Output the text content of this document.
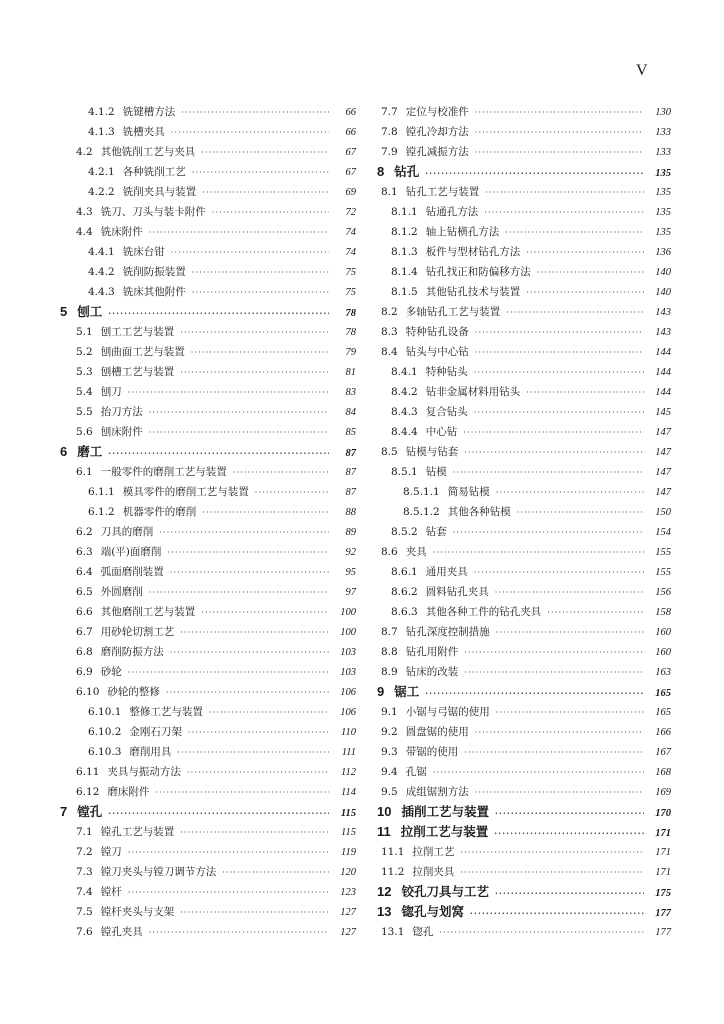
V
4.1.2 铣键槽方法 ·····	66
4.1.3 铣槽夹具 ·····	66
4.2 其他铣削工艺与夹具 ·····	67
4.2.1 各种铣削工艺 ·····	67
4.2.2 铣削夹具与装置 ·····	69
4.3 铣刀、刀头与装卡附件 ·····	72
4.4 铣床附件 ·····	74
4.4.1 铣床台钳 ·····	74
4.4.2 铣削防振装置 ·····	75
4.4.3 铣床其他附件 ·····	75
5 刨工 ·····	78
5.1 刨工工艺与装置 ·····	78
5.2 刨曲面工艺与装置 ·····	79
5.3 刨槽工艺与装置 ·····	81
5.4 刨刀 ·····	83
5.5 抬刀方法 ·····	84
5.6 刨床附件 ·····	85
6 磨工 ·····	87
6.1 一般零件的磨削工艺与装置 ·····	87
6.1.1 模具零件的磨削工艺与装置 ·····	87
6.1.2 机器零件的磨削 ·····	88
6.2 刀具的磨削 ·····	89
6.3 端(平)面磨削 ·····	92
6.4 弧面磨削装置 ·····	95
6.5 外圆磨削 ·····	97
6.6 其他磨削工艺与装置 ·····	100
6.7 用砂轮切割工艺 ·····	100
6.8 磨削防振方法 ·····	103
6.9 砂轮 ·····	103
6.10 砂轮的整修 ·····	106
6.10.1 整修工艺与装置 ·····	106
6.10.2 金刚石刀架 ·····	110
6.10.3 磨削用具 ·····	111
6.11 夹具与振动方法 ·····	112
6.12 磨床附件 ·····	114
7 镗孔 ·····	115
7.1 镗孔工艺与装置 ·····	115
7.2 镗刀 ·····	119
7.3 镗刀夹头与镗刀调节方法 ·····	120
7.4 镗杆 ·····	123
7.5 镗杆夹头与支架 ·····	127
7.6 镗孔夹具 ·····	127
7.7 定位与校准件 ·····	130
7.8 镗孔冷却方法 ·····	133
7.9 镗孔减振方法 ·····	133
8 钻孔 ·····	135
8.1 钻孔工艺与装置 ·····	135
8.1.1 钻通孔方法 ·····	135
8.1.2 轴上钻横孔方法 ·····	135
8.1.3 板件与型材钻孔方法 ·····	136
8.1.4 钻孔找正和防偏移方法 ·····	140
8.1.5 其他钻孔技术与装置 ·····	140
8.2 多轴钻孔工艺与装置 ·····	143
8.3 特种钻孔设备 ·····	143
8.4 钻头与中心钻 ·····	144
8.4.1 特种钻头 ·····	144
8.4.2 钻非金属材料用钻头 ·····	144
8.4.3 复合钻头 ·····	145
8.4.4 中心钻 ·····	147
8.5 钻模与钻套 ·····	147
8.5.1 钻模 ·····	147
8.5.1.1 简易钻模 ·····	147
8.5.1.2 其他各种钻模 ·····	150
8.5.2 钻套 ·····	154
8.6 夹具 ·····	155
8.6.1 通用夹具 ·····	155
8.6.2 圆料钻孔夹具 ·····	156
8.6.3 其他各种工件的钻孔夹具 ·····	158
8.7 钻孔深度控制措施 ·····	160
8.8 钻孔用附件 ·····	160
8.9 钻床的改装 ·····	163
9 锯工 ·····	165
9.1 小锯与弓锯的使用 ·····	165
9.2 圆盘锯的使用 ·····	166
9.3 带锯的使用 ·····	167
9.4 孔锯 ·····	168
9.5 成组锯割方法 ·····	169
10 插削工艺与装置 ·····	170
11 拉削工艺与装置 ·····	171
11.1 拉削工艺 ·····	171
11.2 拉削夹具 ·····	171
12 铰孔刀具与工艺 ·····	175
13 锪孔与划窝 ·····	177
13.1 锪孔 ·····	177
